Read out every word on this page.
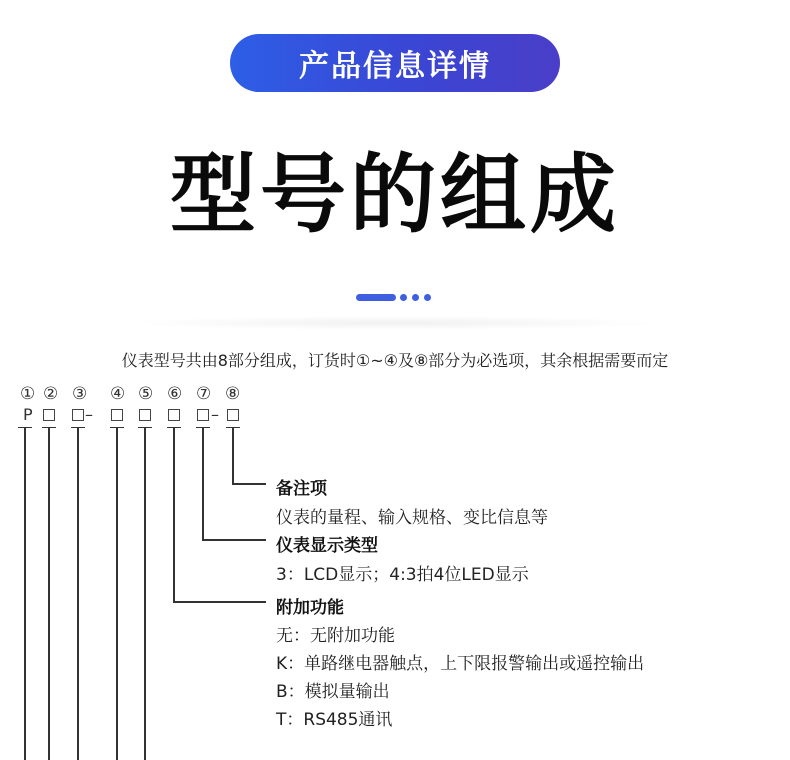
产品信息详情
型号的组成
仪表型号共由8部分组成，订货时①~④及⑧部分为必选项，其余根据需要而定
① ② ③ ④ ⑤ ⑥ ⑦ ⑧
P	–	–
备注项
仪表的量程、输入规格、变比信息等
仪表显示类型
3：LCD显示；4:3拍4位LED显示
附加功能
无：无附加功能
K：单路继电器触点，上下限报警输出或遥控输出
B：模拟量输出
T：RS485通讯
